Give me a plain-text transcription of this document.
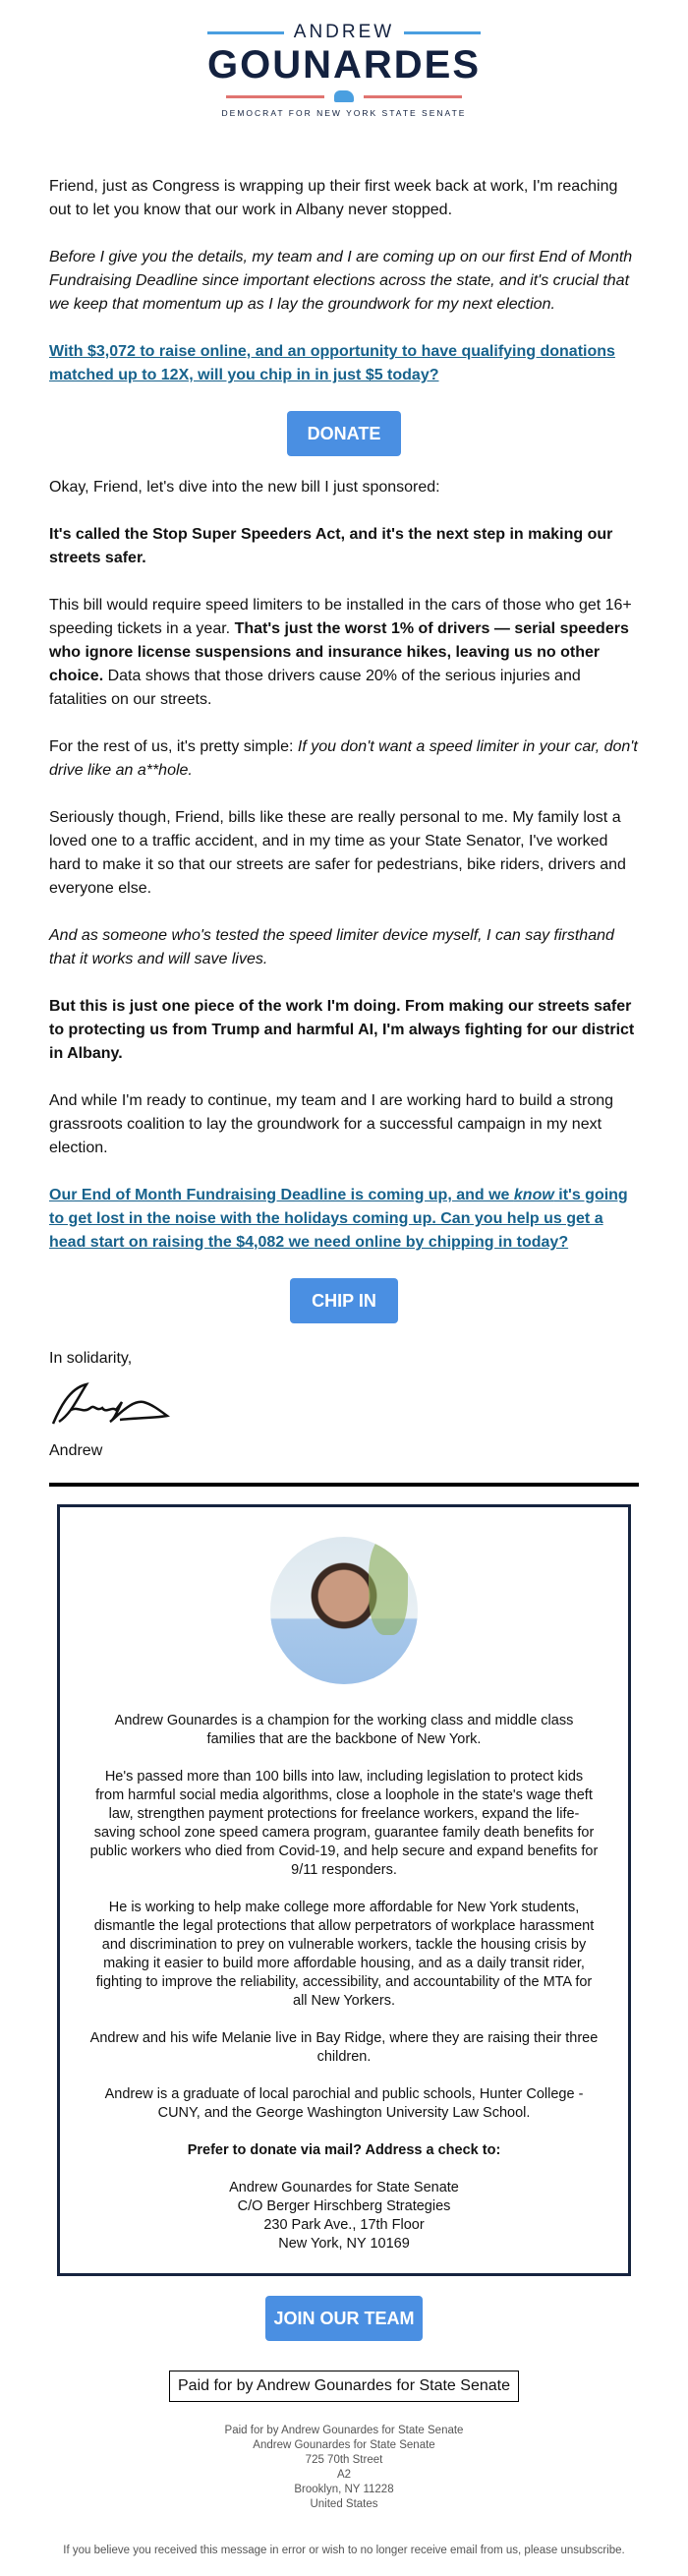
ANDREW
GOUNARDES
DEMOCRAT FOR NEW YORK STATE SENATE

Friend, just as Congress is wrapping up their first week back at work, I'm reaching out to let you know that our work in Albany never stopped.

Before I give you the details, my team and I are coming up on our first End of Month Fundraising Deadline since important elections across the state, and it's crucial that we keep that momentum up as I lay the groundwork for my next election.

With $3,072 to raise online, and an opportunity to have qualifying donations matched up to 12X, will you chip in in just $5 today?

DONATE

Okay, Friend, let's dive into the new bill I just sponsored:

It's called the Stop Super Speeders Act, and it's the next step in making our streets safer.

This bill would require speed limiters to be installed in the cars of those who get 16+ speeding tickets in a year. That's just the worst 1% of drivers — serial speeders who ignore license suspensions and insurance hikes, leaving us no other choice. Data shows that those drivers cause 20% of the serious injuries and fatalities on our streets.

For the rest of us, it's pretty simple: If you don't want a speed limiter in your car, don't drive like an a**hole.

Seriously though, Friend, bills like these are really personal to me. My family lost a loved one to a traffic accident, and in my time as your State Senator, I've worked hard to make it so that our streets are safer for pedestrians, bike riders, drivers and everyone else.

And as someone who's tested the speed limiter device myself, I can say firsthand that it works and will save lives.

But this is just one piece of the work I'm doing. From making our streets safer to protecting us from Trump and harmful AI, I'm always fighting for our district in Albany.

And while I'm ready to continue, my team and I are working hard to build a strong grassroots coalition to lay the groundwork for a successful campaign in my next election.

Our End of Month Fundraising Deadline is coming up, and we know it's going to get lost in the noise with the holidays coming up. Can you help us get a head start on raising the $4,082 we need online by chipping in today?

CHIP IN

In solidarity,

Andrew

Andrew Gounardes is a champion for the working class and middle class families that are the backbone of New York.

He's passed more than 100 bills into law, including legislation to protect kids from harmful social media algorithms, close a loophole in the state's wage theft law, strengthen payment protections for freelance workers, expand the life-saving school zone speed camera program, guarantee family death benefits for public workers who died from Covid-19, and help secure and expand benefits for 9/11 responders.

He is working to help make college more affordable for New York students, dismantle the legal protections that allow perpetrators of workplace harassment and discrimination to prey on vulnerable workers, tackle the housing crisis by making it easier to build more affordable housing, and as a daily transit rider, fighting to improve the reliability, accessibility, and accountability of the MTA for all New Yorkers.

Andrew and his wife Melanie live in Bay Ridge, where they are raising their three children.

Andrew is a graduate of local parochial and public schools, Hunter College - CUNY, and the George Washington University Law School.

Prefer to donate via mail? Address a check to:

Andrew Gounardes for State Senate
C/O Berger Hirschberg Strategies
230 Park Ave., 17th Floor
New York, NY 10169
JOIN OUR TEAM
Paid for by Andrew Gounardes for State Senate
Paid for by Andrew Gounardes for State Senate
Andrew Gounardes for State Senate
725 70th Street
A2
Brooklyn, NY 11228
United States
If you believe you received this message in error or wish to no longer receive email from us, please unsubscribe.
